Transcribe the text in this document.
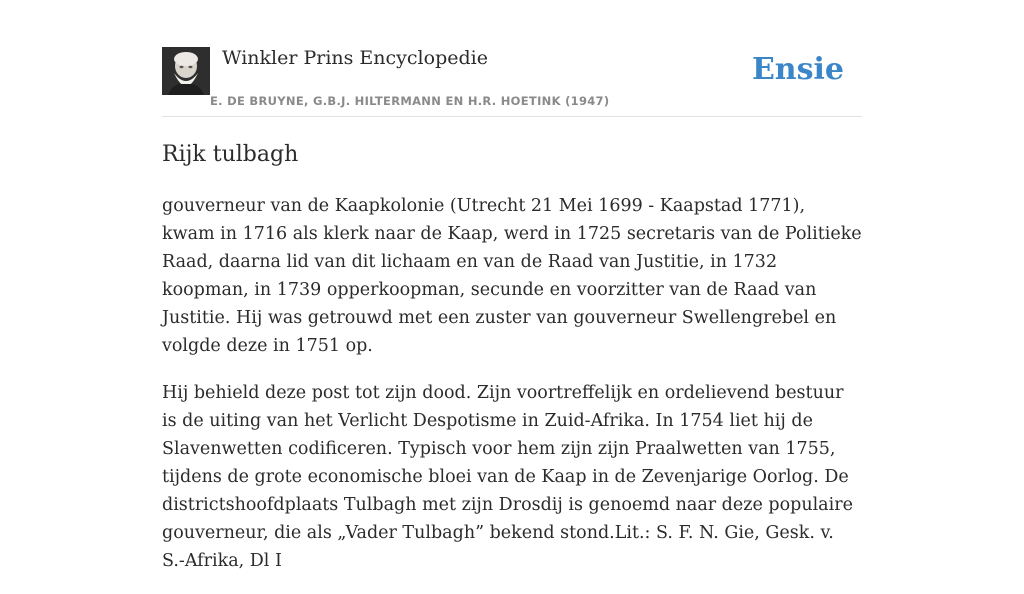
Winkler Prins Encyclopedie
E. DE BRUYNE, G.B.J. HILTERMANN EN H.R. HOETINK (1947)
Ensie
Rijk tulbagh

gouverneur van de Kaapkolonie (Utrecht 21 Mei 1699 - Kaapstad 1771), kwam in 1716 als klerk naar de Kaap, werd in 1725 secretaris van de Politieke Raad, daarna lid van dit lichaam en van de Raad van Justitie, in 1732 koopman, in 1739 opperkoopman, secunde en voorzitter van de Raad van Justitie. Hij was getrouwd met een zuster van gouverneur Swellengrebel en volgde deze in 1751 op.

Hij behield deze post tot zijn dood. Zijn voortreffelijk en ordelievend bestuur is de uiting van het Verlicht Despotisme in Zuid-Afrika. In 1754 liet hij de Slavenwetten codificeren. Typisch voor hem zijn zijn Praalwetten van 1755, tijdens de grote economische bloei van de Kaap in de Zevenjarige Oorlog. De districtshoofdplaats Tulbagh met zijn Drosdij is genoemd naar deze populaire gouverneur, die als „Vader Tulbagh” bekend stond.Lit.: S. F. N. Gie, Gesk. v. S.-Afrika, Dl I
